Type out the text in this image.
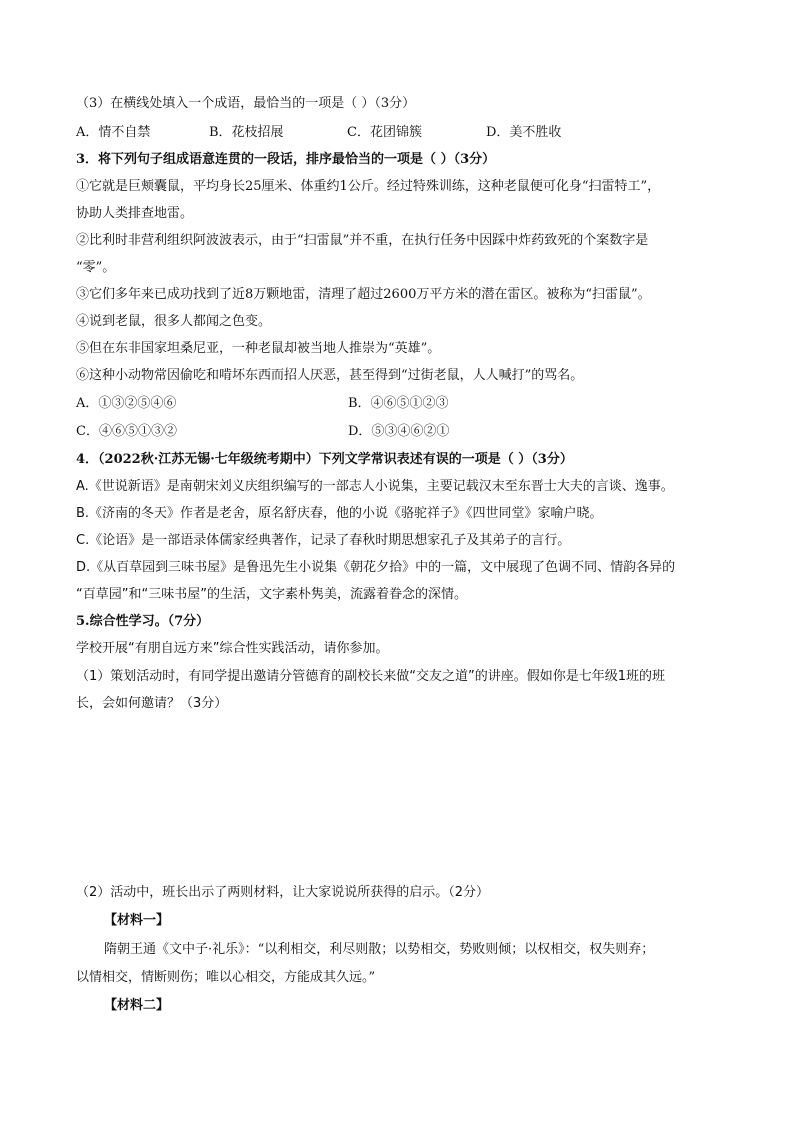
（3）在横线处填入一个成语，最恰当的一项是（ ）（3分）
A．情不自禁	B．花枝招展	C．花团锦簇	D．美不胜收
3．将下列句子组成语意连贯的一段话，排序最恰当的一项是（ ）（3分）
①它就是巨颊囊鼠，平均身长25厘米、体重约1公斤。经过特殊训练，这种老鼠便可化身“扫雷特工”，
协助人类排查地雷。
②比利时非营利组织阿波波表示，由于“扫雷鼠”并不重，在执行任务中因踩中炸药致死的个案数字是
“零”。
③它们多年来已成功找到了近8万颗地雷，清理了超过2600万平方米的潜在雷区。被称为“扫雷鼠”。
④说到老鼠，很多人都闻之色变。
⑤但在东非国家坦桑尼亚，一种老鼠却被当地人推崇为“英雄”。
⑥这种小动物常因偷吃和啃坏东西而招人厌恶，甚至得到“过街老鼠，人人喊打”的骂名。
A．①③②⑤④⑥	B．④⑥⑤①②③
C．④⑥⑤①③②	D．⑤③④⑥②①
4．（2022秋·江苏无锡·七年级统考期中）下列文学常识表述有误的一项是（ ）（3分）
A.《世说新语》是南朝宋刘义庆组织编写的一部志人小说集，主要记载汉末至东晋士大夫的言谈、逸事。
B.《济南的冬天》作者是老舍，原名舒庆春，他的小说《骆驼祥子》《四世同堂》家喻户晓。
C.《论语》是一部语录体儒家经典著作，记录了春秋时期思想家孔子及其弟子的言行。
D.《从百草园到三味书屋》是鲁迅先生小说集《朝花夕拾》中的一篇，文中展现了色调不同、情韵各异的
“百草园”和“三味书屋”的生活，文字素朴隽美，流露着眷念的深情。
5.综合性学习。（7分）
学校开展“有朋自远方来”综合性实践活动，请你参加。
（1）策划活动时，有同学提出邀请分管德育的副校长来做“交友之道”的讲座。假如你是七年级1班的班
长，会如何邀请？（3分）
（2）活动中，班长出示了两则材料，让大家说说所获得的启示。（2分）
【材料一】
隋朝王通《文中子·礼乐》：“以利相交，利尽则散；以势相交，势败则倾；以权相交，权失则弃；
以情相交，情断则伤；唯以心相交，方能成其久远。”
【材料二】
